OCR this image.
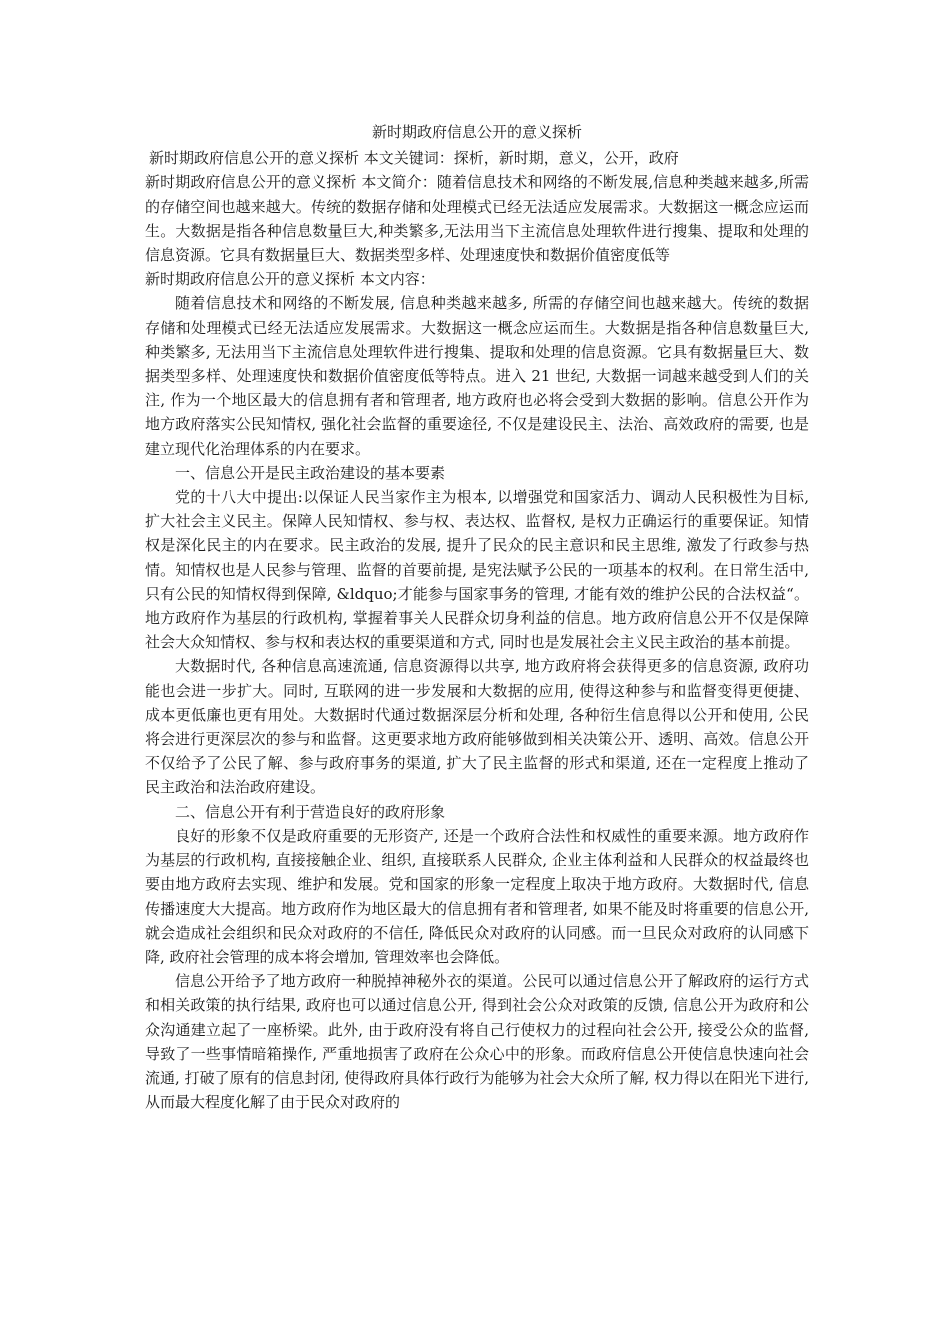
新时期政府信息公开的意义探析

新时期政府信息公开的意义探析 本文关键词：探析，新时期，意义，公开，政府

新时期政府信息公开的意义探析 本文简介：随着信息技术和网络的不断发展,信息种类越来越多,所需的存储空间也越来越大。传统的数据存储和处理模式已经无法适应发展需求。大数据这一概念应运而生。大数据是指各种信息数量巨大,种类繁多,无法用当下主流信息处理软件进行搜集、提取和处理的信息资源。它具有数据量巨大、数据类型多样、处理速度快和数据价值密度低等

新时期政府信息公开的意义探析 本文内容：

随着信息技术和网络的不断发展, 信息种类越来越多, 所需的存储空间也越来越大。传统的数据存储和处理模式已经无法适应发展需求。大数据这一概念应运而生。大数据是指各种信息数量巨大, 种类繁多, 无法用当下主流信息处理软件进行搜集、提取和处理的信息资源。它具有数据量巨大、数据类型多样、处理速度快和数据价值密度低等特点。进入 21 世纪, 大数据一词越来越受到人们的关注, 作为一个地区最大的信息拥有者和管理者, 地方政府也必将会受到大数据的影响。信息公开作为地方政府落实公民知情权, 强化社会监督的重要途径, 不仅是建设民主、法治、高效政府的需要, 也是建立现代化治理体系的内在要求。

一、信息公开是民主政治建设的基本要素

党的十八大中提出:以保证人民当家作主为根本, 以增强党和国家活力、调动人民积极性为目标, 扩大社会主义民主。保障人民知情权、参与权、表达权、监督权, 是权力正确运行的重要保证。知情权是深化民主的内在要求。民主政治的发展, 提升了民众的民主意识和民主思维, 激发了行政参与热情。知情权也是人民参与管理、监督的首要前提, 是宪法赋予公民的一项基本的权利。在日常生活中, 只有公民的知情权得到保障, &ldquo;才能参与国家事务的管理, 才能有效的维护公民的合法权益“。地方政府作为基层的行政机构, 掌握着事关人民群众切身利益的信息。地方政府信息公开不仅是保障社会大众知情权、参与权和表达权的重要渠道和方式, 同时也是发展社会主义民主政治的基本前提。

大数据时代, 各种信息高速流通, 信息资源得以共享, 地方政府将会获得更多的信息资源, 政府功能也会进一步扩大。同时, 互联网的进一步发展和大数据的应用, 使得这种参与和监督变得更便捷、成本更低廉也更有用处。大数据时代通过数据深层分析和处理, 各种衍生信息得以公开和使用, 公民将会进行更深层次的参与和监督。这更要求地方政府能够做到相关决策公开、透明、高效。信息公开不仅给予了公民了解、参与政府事务的渠道, 扩大了民主监督的形式和渠道, 还在一定程度上推动了民主政治和法治政府建设。

二、信息公开有利于营造良好的政府形象

良好的形象不仅是政府重要的无形资产, 还是一个政府合法性和权威性的重要来源。地方政府作为基层的行政机构, 直接接触企业、组织, 直接联系人民群众, 企业主体利益和人民群众的权益最终也要由地方政府去实现、维护和发展。党和国家的形象一定程度上取决于地方政府。大数据时代, 信息传播速度大大提高。地方政府作为地区最大的信息拥有者和管理者, 如果不能及时将重要的信息公开, 就会造成社会组织和民众对政府的不信任, 降低民众对政府的认同感。而一旦民众对政府的认同感下降, 政府社会管理的成本将会增加, 管理效率也会降低。

信息公开给予了地方政府一种脱掉神秘外衣的渠道。公民可以通过信息公开了解政府的运行方式和相关政策的执行结果, 政府也可以通过信息公开, 得到社会公众对政策的反馈, 信息公开为政府和公众沟通建立起了一座桥梁。此外, 由于政府没有将自己行使权力的过程向社会公开, 接受公众的监督, 导致了一些事情暗箱操作, 严重地损害了政府在公众心中的形象。而政府信息公开使信息快速向社会流通, 打破了原有的信息封闭, 使得政府具体行政行为能够为社会大众所了解, 权力得以在阳光下进行, 从而最大程度化解了由于民众对政府的
